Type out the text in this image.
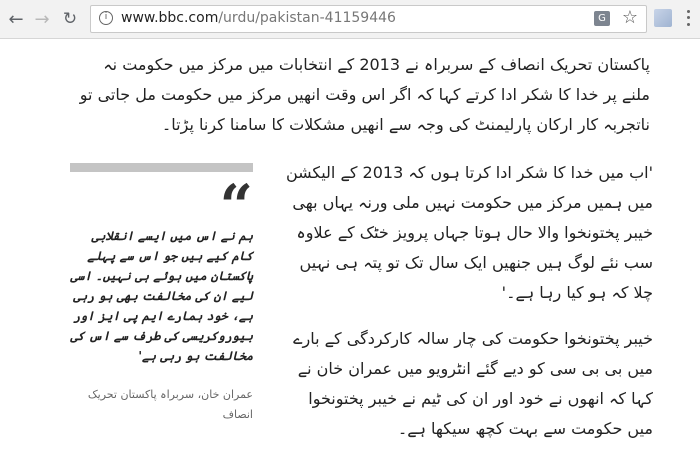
← → ↻	i www.bbc.com/urdu/pakistan-41159446	G ☆
پاکستان تحریک انصاف کے سربراہ نے 2013 کے انتخابات میں مرکز میں حکومت نہ ملنے پر خدا کا شکر ادا کرتے کہا کہ اگر اس وقت انھیں مرکز میں حکومت مل جاتی تو ناتجربہ کار ارکان پارلیمنٹ کی وجہ سے انھیں مشکلات کا سامنا کرنا پڑتا۔
“
ہم نے اس میں ایسے انقلابی کام کیے ہیں جو اس سے پہلے پاکستان میں ہوئے ہی نہیں۔ اسی لیے ان کی مخالفت بھی ہو رہی ہے، خود ہمارے ایم پی ایز اور بیوروکریسی کی طرف سے اس کی مخالفت ہو رہی ہے'
عمران خان، سربراہ پاکستان تحریک انصاف

'اب میں خدا کا شکر ادا کرتا ہوں کہ 2013 کے الیکشن میں ہمیں مرکز میں حکومت نہیں ملی ورنہ یہاں بھی خیبر پختونخوا والا حال ہوتا جہاں پرویز خٹک کے علاوہ سب نئے لوگ ہیں جنھیں ایک سال تک تو پتہ ہی نہیں چلا کہ ہو کیا رہا ہے۔'

خیبر پختونخوا حکومت کی چار سالہ کارکردگی کے بارے میں بی بی سی کو دیے گئے انٹرویو میں عمران خان نے کہا کہ انھوں نے خود اور ان کی ٹیم نے خیبر پختونخوا میں حکومت سے بہت کچھ سیکھا ہے۔
